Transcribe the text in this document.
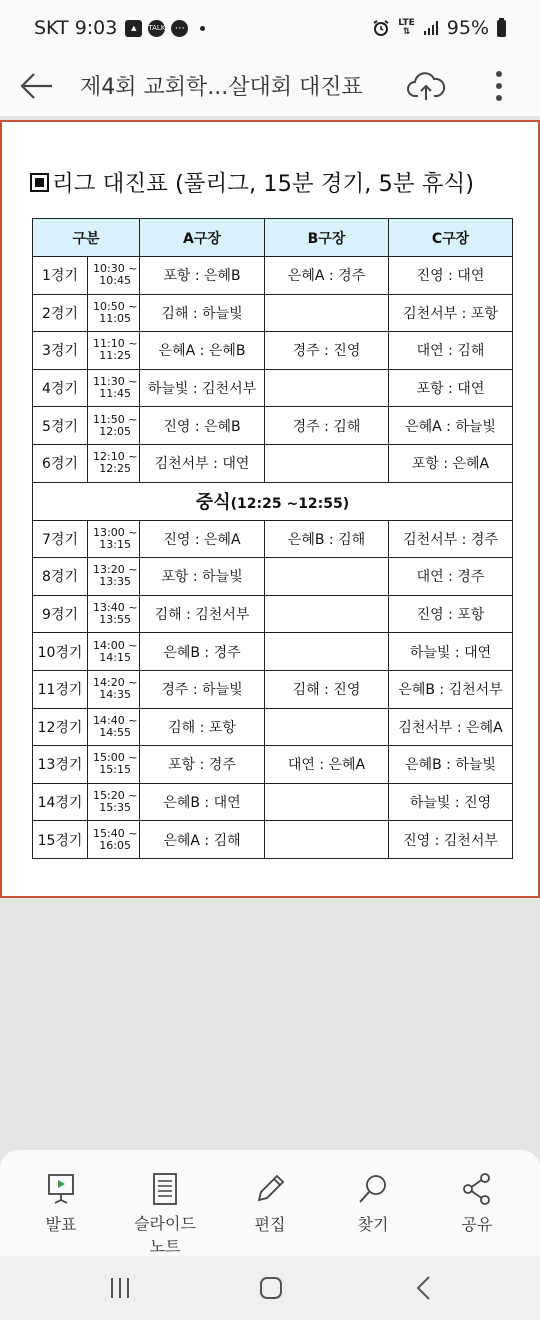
SKT 9:03	▲	TALK ⋯	LTE
⇅ 95%
제4회 교회학...살대회 대진표
리그 대진표 (풀리그, 15분 경기, 5분 휴식)
구분		A구장	B구장	C구장
1경기	10:30 ~
10:45	포항 : 은혜B	은혜A : 경주	진영 : 대연
2경기	10:50 ~
11:05	김해 : 하늘빛		김천서부 : 포항
3경기	11:10 ~
11:25	은혜A : 은혜B	경주 : 진영	대연 : 김해
4경기	11:30 ~
11:45	하늘빛 : 김천서부		포항 : 대연
5경기	11:50 ~
12:05	진영 : 은혜B	경주 : 김해	은혜A : 하늘빛
6경기	12:10 ~
12:25	김천서부 : 대연		포항 : 은혜A
중식(12:25 ~12:55)				
7경기	13:00 ~
13:15	진영 : 은혜A	은혜B : 김해	김천서부 : 경주
8경기	13:20 ~
13:35	포항 : 하늘빛		대연 : 경주
9경기	13:40 ~
13:55	김해 : 김천서부		진영 : 포항
10경기	14:00 ~
14:15	은혜B : 경주		하늘빛 : 대연
11경기	14:20 ~
14:35	경주 : 하늘빛	김해 : 진영	은혜B : 김천서부
12경기	14:40 ~
14:55	김해 : 포항		김천서부 : 은혜A
13경기	15:00 ~
15:15	포항 : 경주	대연 : 은혜A	은혜B : 하늘빛
14경기	15:20 ~
15:35	은혜B : 대연		하늘빛 : 진영
15경기	15:40 ~
16:05	은혜A : 김해		진영 : 김천서부
발표	슬라이드 노트
편집	찾기	공유
